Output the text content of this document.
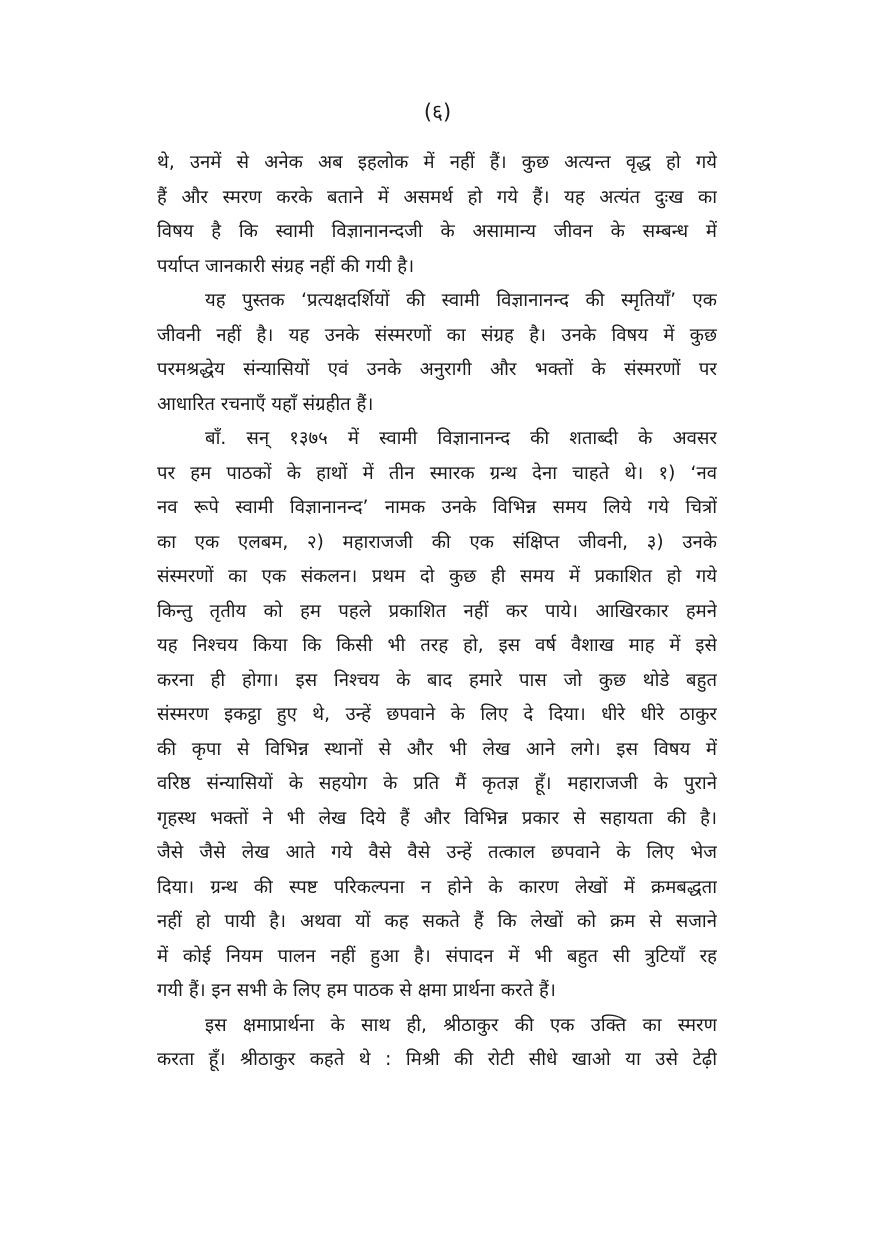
(६)
थे, उनमें से अनेक अब इहलोक में नहीं हैं। कुछ अत्यन्त वृद्ध हो गये
हैं और स्मरण करके बताने में असमर्थ हो गये हैं। यह अत्यंत दुःख का
विषय है कि स्वामी विज्ञानानन्दजी के असामान्य जीवन के सम्बन्ध में
पर्याप्त जानकारी संग्रह नहीं की गयी है।
यह पुस्तक ‘प्रत्यक्षदर्शियों की स्वामी विज्ञानानन्द की स्मृतियाँ’ एक
जीवनी नहीं है। यह उनके संस्मरणों का संग्रह है। उनके विषय में कुछ
परमश्रद्धेय संन्यासियों एवं उनके अनुरागी और भक्तों के संस्मरणों पर
आधारित रचनाएँ यहाँ संग्रहीत हैं।
बाँ. सन् १३७५ में स्वामी विज्ञानानन्द की शताब्दी के अवसर
पर हम पाठकों के हाथों में तीन स्मारक ग्रन्थ देना चाहते थे। १) ‘नव
नव रूपे स्वामी विज्ञानानन्द’ नामक उनके विभिन्न समय लिये गये चित्रों
का एक एलबम, २) महाराजजी की एक संक्षिप्त जीवनी, ३) उनके
संस्मरणों का एक संकलन। प्रथम दो कुछ ही समय में प्रकाशित हो गये
किन्तु तृतीय को हम पहले प्रकाशित नहीं कर पाये। आखिरकार हमने
यह निश्चय किया कि किसी भी तरह हो, इस वर्ष वैशाख माह में इसे
करना ही होगा। इस निश्चय के बाद हमारे पास जो कुछ थोडे बहुत
संस्मरण इकट्ठा हुए थे, उन्हें छपवाने के लिए दे दिया। धीरे धीरे ठाकुर
की कृपा से विभिन्न स्थानों से और भी लेख आने लगे। इस विषय में
वरिष्ठ संन्यासियों के सहयोग के प्रति मैं कृतज्ञ हूँ। महाराजजी के पुराने
गृहस्थ भक्तों ने भी लेख दिये हैं और विभिन्न प्रकार से सहायता की है।
जैसे जैसे लेख आते गये वैसे वैसे उन्हें तत्काल छपवाने के लिए भेज
दिया। ग्रन्थ की स्पष्ट परिकल्पना न होने के कारण लेखों में क्रमबद्धता
नहीं हो पायी है। अथवा यों कह सकते हैं कि लेखों को क्रम से सजाने
में कोई नियम पालन नहीं हुआ है। संपादन में भी बहुत सी त्रुटियाँ रह
गयी हैं। इन सभी के लिए हम पाठक से क्षमा प्रार्थना करते हैं।
इस क्षमाप्रार्थना के साथ ही, श्रीठाकुर की एक उक्ति का स्मरण
करता हूँ। श्रीठाकुर कहते थे : मिश्री की रोटी सीधे खाओ या उसे टेढ़ी
